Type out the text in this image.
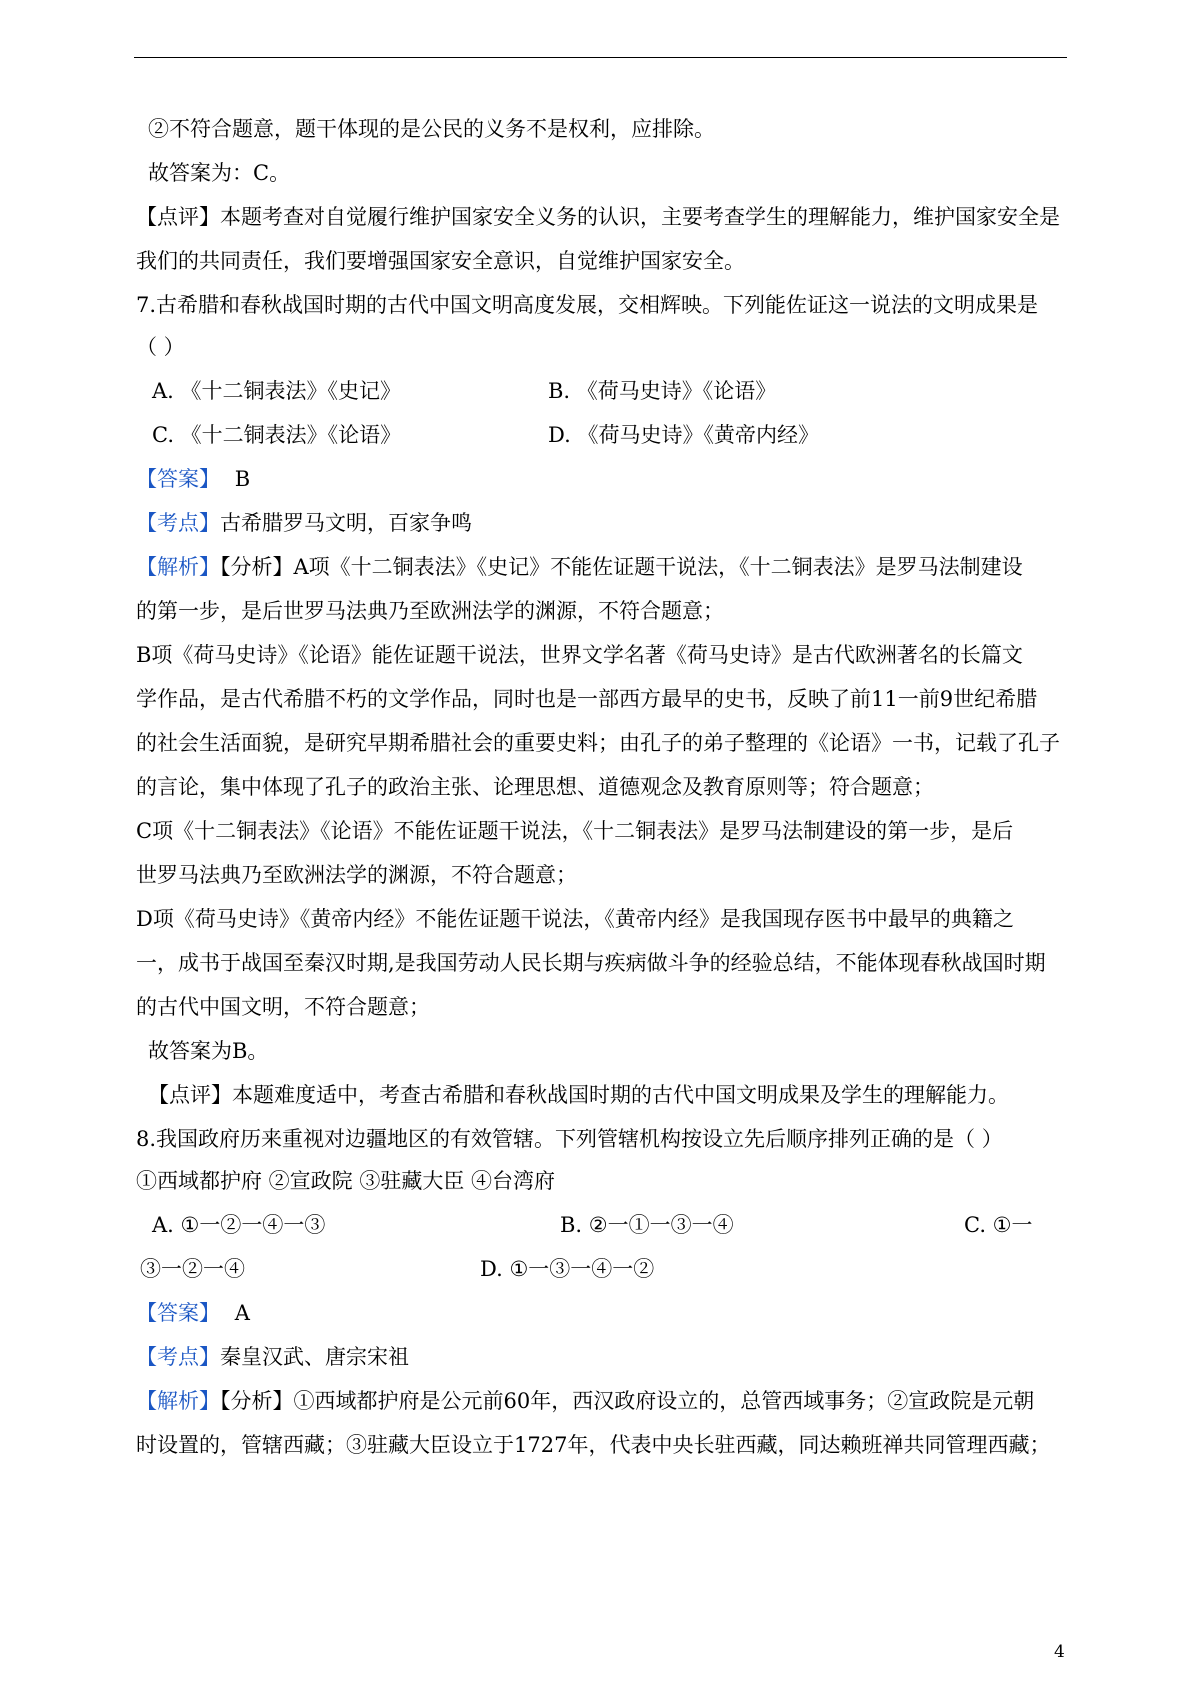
②不符合题意，题干体现的是公民的义务不是权利，应排除。
故答案为：C。
【点评】本题考查对自觉履行维护国家安全义务的认识，主要考查学生的理解能力，维护国家安全是
我们的共同责任，我们要增强国家安全意识，自觉维护国家安全。
7.古希腊和春秋战国时期的古代中国文明高度发展，交相辉映。下列能佐证这一说法的文明成果是
（ ）
A. 《十二铜表法》《史记》	B. 《荷马史诗》《论语》
C. 《十二铜表法》《论语》	D. 《荷马史诗》《黄帝内经》
【答案】 B
【考点】古希腊罗马文明，百家争鸣
【解析】【分析】A项《十二铜表法》《史记》不能佐证题干说法，《十二铜表法》是罗马法制建设
的第一步，是后世罗马法典乃至欧洲法学的渊源，不符合题意；
B项《荷马史诗》《论语》能佐证题干说法，世界文学名著《荷马史诗》是古代欧洲著名的长篇文
学作品，是古代希腊不朽的文学作品，同时也是一部西方最早的史书，反映了前11一前9世纪希腊
的社会生活面貌，是研究早期希腊社会的重要史料；由孔子的弟子整理的《论语》一书，记载了孔子
的言论，集中体现了孔子的政治主张、论理思想、道德观念及教育原则等；符合题意；
C项《十二铜表法》《论语》不能佐证题干说法，《十二铜表法》是罗马法制建设的第一步，是后
世罗马法典乃至欧洲法学的渊源，不符合题意；
D项《荷马史诗》《黄帝内经》不能佐证题干说法，《黄帝内经》是我国现存医书中最早的典籍之
一，成书于战国至秦汉时期,是我国劳动人民长期与疾病做斗争的经验总结，不能体现春秋战国时期
的古代中国文明，不符合题意；
故答案为B。
【点评】本题难度适中，考查古希腊和春秋战国时期的古代中国文明成果及学生的理解能力。
8.我国政府历来重视对边疆地区的有效管辖。下列管辖机构按设立先后顺序排列正确的是（ ）
①西域都护府 ②宣政院 ③驻藏大臣 ④台湾府
A. ①一②一④一③	B. ②一①一③一④	C. ①一
③一②一④	D. ①一③一④一②
【答案】 A
【考点】秦皇汉武、唐宗宋祖
【解析】【分析】①西域都护府是公元前60年，西汉政府设立的，总管西域事务；②宣政院是元朝
时设置的，管辖西藏；③驻藏大臣设立于1727年，代表中央长驻西藏，同达赖班禅共同管理西藏；
4
